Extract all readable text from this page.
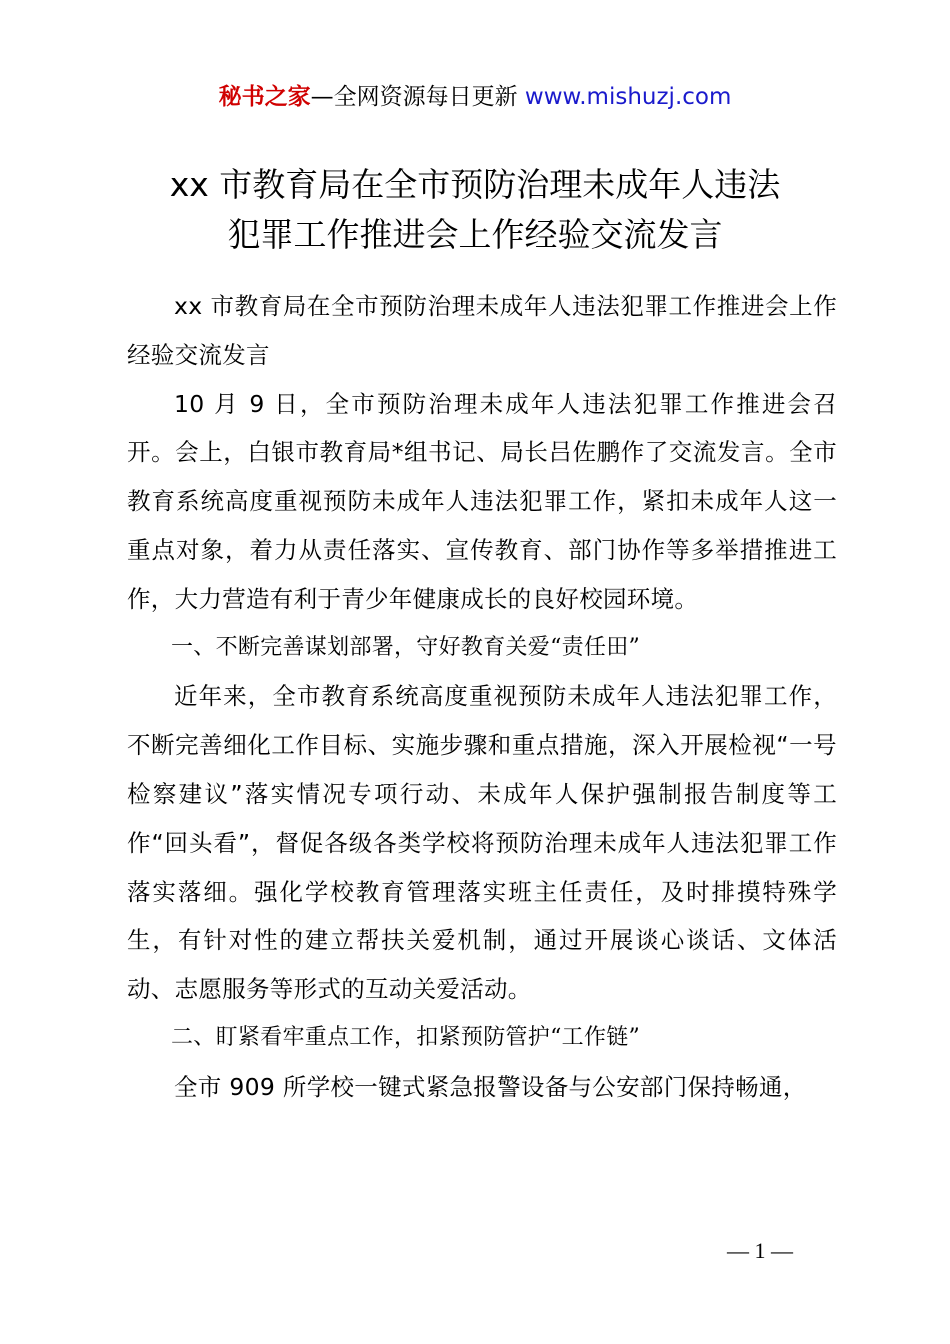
秘书之家—全网资源每日更新 www.mishuzj.com
xx 市教育局在全市预防治理未成年人违法
犯罪工作推进会上作经验交流发言

xx 市教育局在全市预防治理未成年人违法犯罪工作推进会上作经验交流发言

10 月 9 日，全市预防治理未成年人违法犯罪工作推进会召开。会上，白银市教育局*组书记、局长吕佐鹏作了交流发言。全市教育系统高度重视预防未成年人违法犯罪工作，紧扣未成年人这一重点对象，着力从责任落实、宣传教育、部门协作等多举措推进工作，大力营造有利于青少年健康成长的良好校园环境。

一、不断完善谋划部署，守好教育关爱“责任田”

近年来，全市教育系统高度重视预防未成年人违法犯罪工作，不断完善细化工作目标、实施步骤和重点措施，深入开展检视“一号检察建议”落实情况专项行动、未成年人保护强制报告制度等工作“回头看”，督促各级各类学校将预防治理未成年人违法犯罪工作落实落细。强化学校教育管理落实班主任责任，及时排摸特殊学生，有针对性的建立帮扶关爱机制，通过开展谈心谈话、文体活动、志愿服务等形式的互动关爱活动。

二、盯紧看牢重点工作，扣紧预防管护“工作链”

全市 909 所学校一键式紧急报警设备与公安部门保持畅通，

— 1 —
